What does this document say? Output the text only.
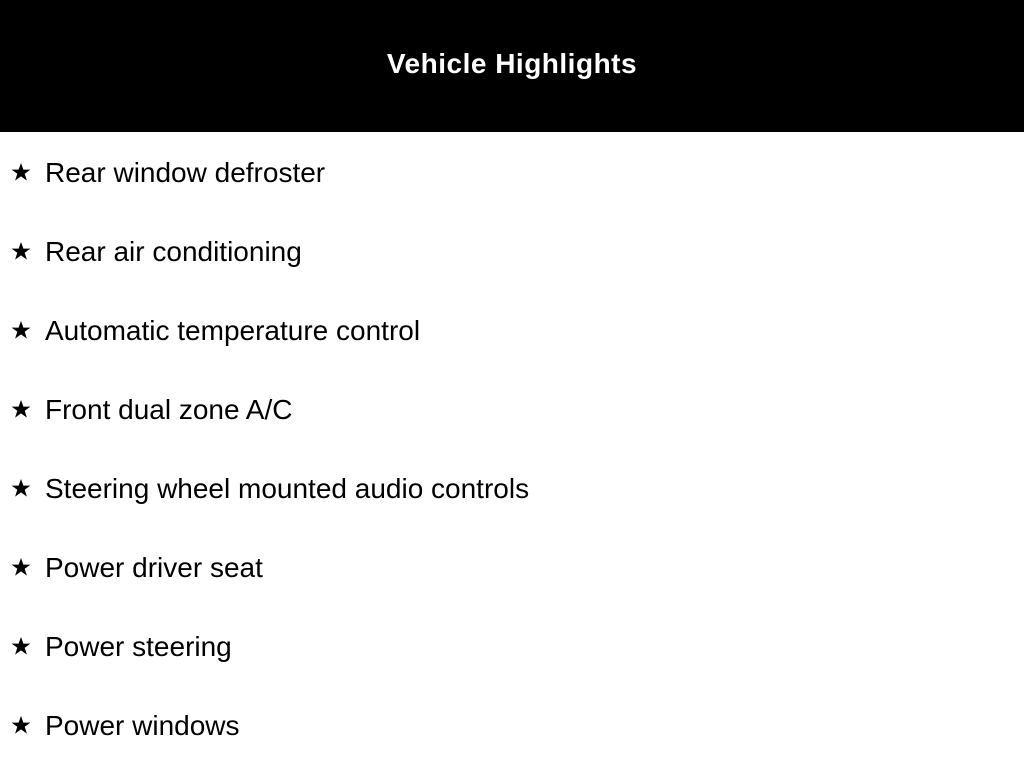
Vehicle Highlights
Rear window defroster
Rear air conditioning
Automatic temperature control
Front dual zone A/C
Steering wheel mounted audio controls
Power driver seat
Power steering
Power windows
